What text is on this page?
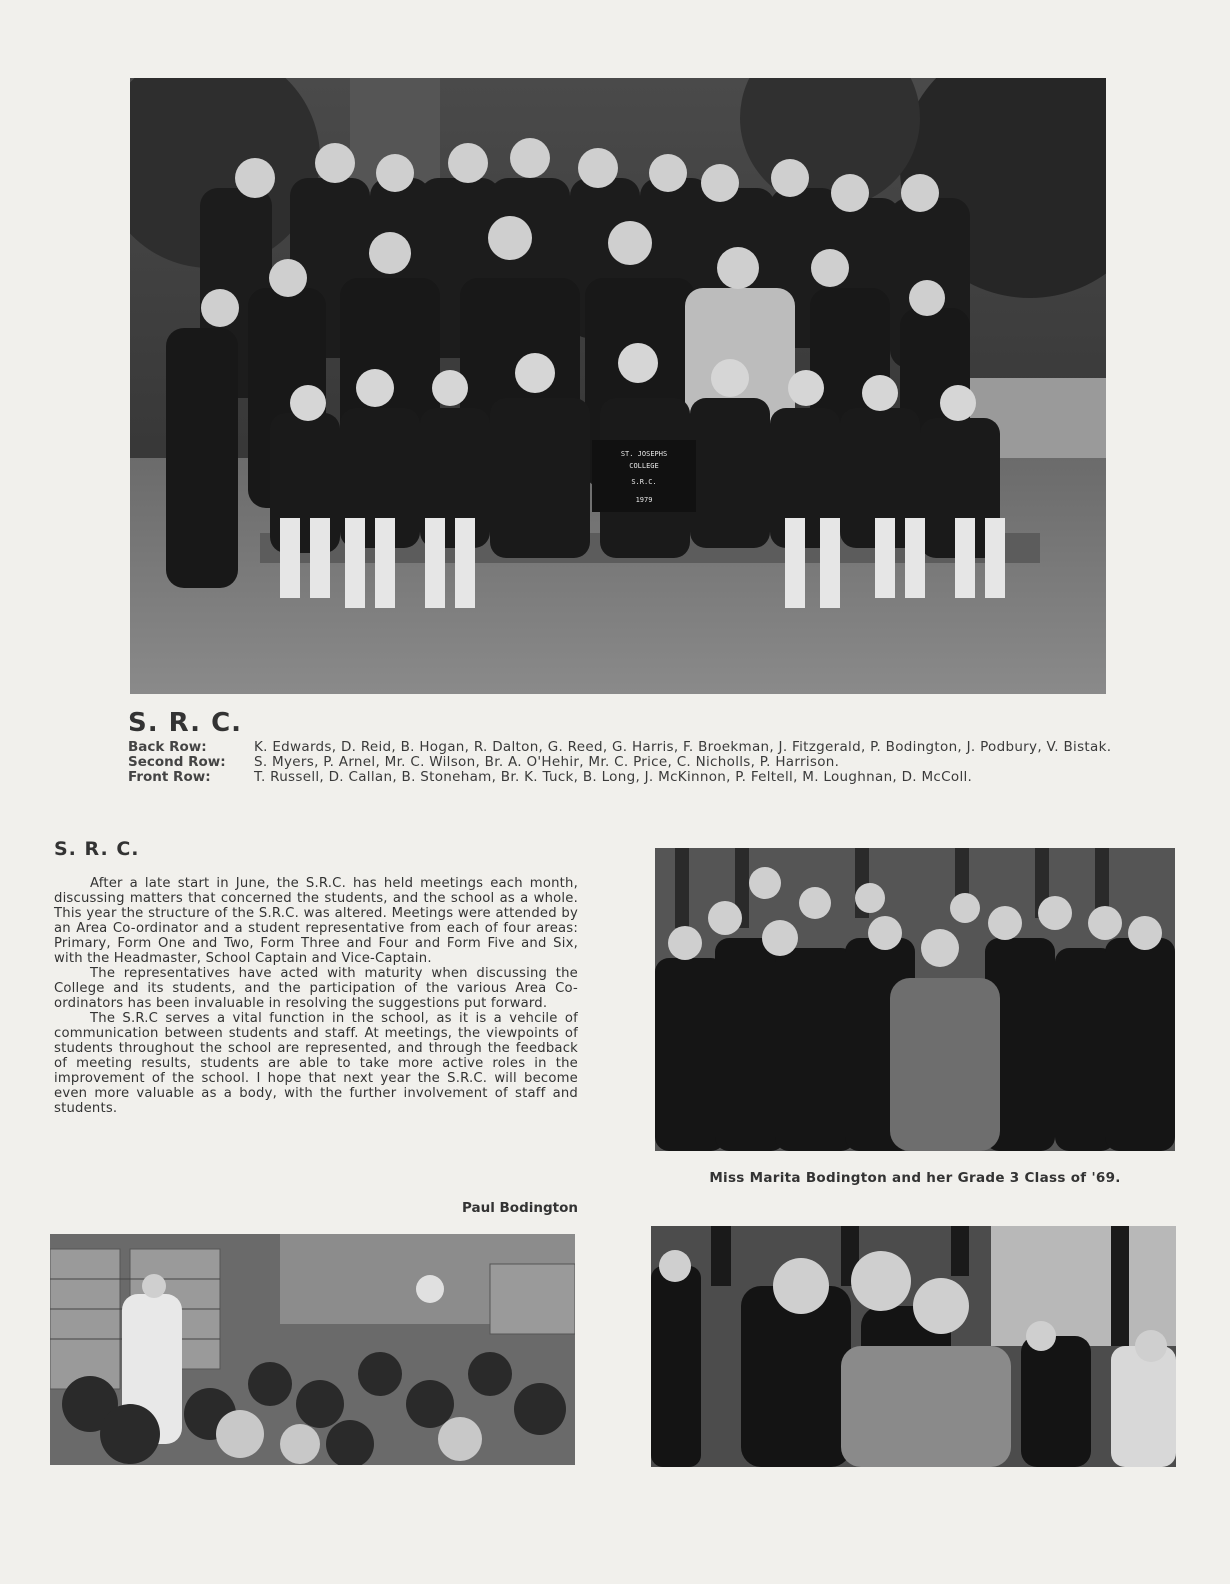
ST. JOSEPHS
COLLEGE
S.R.C.
1979
S. R. C.
Back Row:	K. Edwards, D. Reid, B. Hogan, R. Dalton, G. Reed, G. Harris, F. Broekman, J. Fitzgerald, P. Bodington, J. Podbury, V. Bistak.
Second Row:	S. Myers, P. Arnel, Mr. C. Wilson, Br. A. O'Hehir, Mr. C. Price, C. Nicholls, P. Harrison.
Front Row:	T. Russell, D. Callan, B. Stoneham, Br. K. Tuck, B. Long, J. McKinnon, P. Feltell, M. Loughnan, D. McColl.
S. R. C.

After a late start in June, the S.R.C. has held meetings each month, discussing matters that concerned the students, and the school as a whole. This year the structure of the S.R.C. was altered. Meetings were attended by an Area Co-ordinator and a student representative from each of four areas: Primary, Form One and Two, Form Three and Four and Form Five and Six, with the Headmaster, School Captain and Vice-Captain.

The representatives have acted with maturity when discussing the College and its students, and the participation of the various Area Co-ordinators has been invaluable in resolving the suggestions put forward.

The S.R.C serves a vital function in the school, as it is a vehcile of communication between students and staff. At meetings, the viewpoints of students throughout the school are represented, and through the feedback of meeting results, students are able to take more active roles in the improvement of the school. I hope that next year the S.R.C. will become even more valuable as a body, with the further involvement of staff and students.

Paul Bodington
Miss Marita Bodington and her Grade 3 Class of '69.
